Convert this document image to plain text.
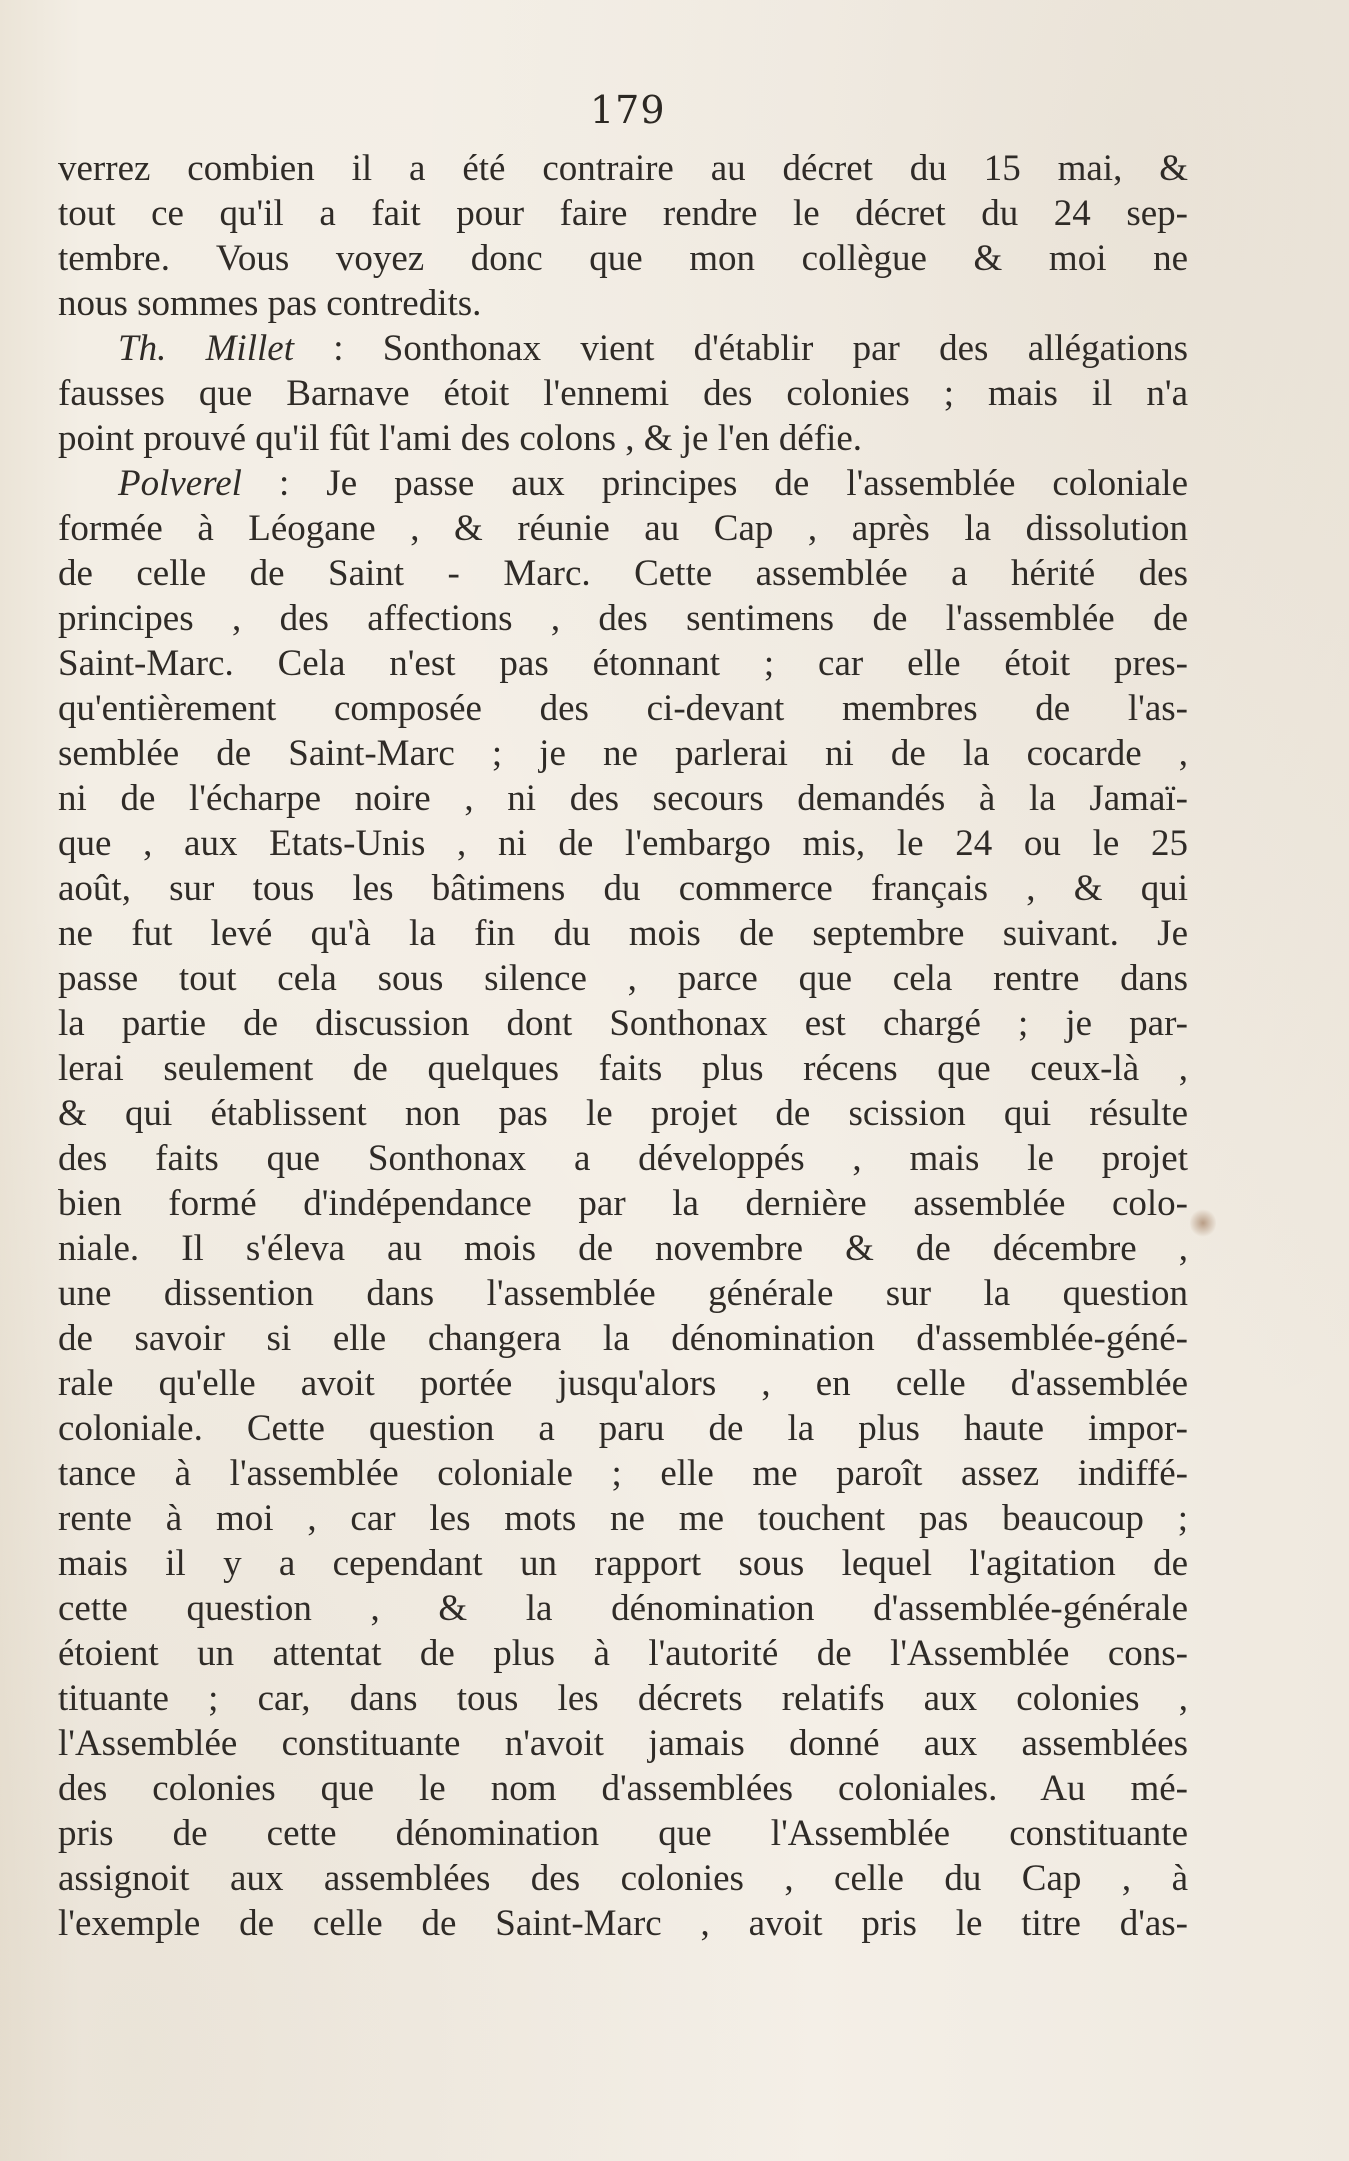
179
verrez combien il a été contraire au décret du 15 mai, &
tout ce qu'il a fait pour faire rendre le décret du 24 sep-
tembre. Vous voyez donc que mon collègue & moi ne
nous sommes pas contredits.
Th. Millet : Sonthonax vient d'établir par des allégations
fausses que Barnave étoit l'ennemi des colonies ; mais il n'a
point prouvé qu'il fût l'ami des colons , & je l'en défie.
Polverel : Je passe aux principes de l'assemblée coloniale
formée à Léogane , & réunie au Cap , après la dissolution
de celle de Saint - Marc. Cette assemblée a hérité des
principes , des affections , des sentimens de l'assemblée de
Saint-Marc. Cela n'est pas étonnant ; car elle étoit pres-
qu'entièrement composée des ci-devant membres de l'as-
semblée de Saint-Marc ; je ne parlerai ni de la cocarde ,
ni de l'écharpe noire , ni des secours demandés à la Jamaï-
que , aux Etats-Unis , ni de l'embargo mis, le 24 ou le 25
août, sur tous les bâtimens du commerce français , & qui
ne fut levé qu'à la fin du mois de septembre suivant. Je
passe tout cela sous silence , parce que cela rentre dans
la partie de discussion dont Sonthonax est chargé ; je par-
lerai seulement de quelques faits plus récens que ceux-là ,
& qui établissent non pas le projet de scission qui résulte
des faits que Sonthonax a développés , mais le projet
bien formé d'indépendance par la dernière assemblée colo-
niale. Il s'éleva au mois de novembre & de décembre ,
une dissention dans l'assemblée générale sur la question
de savoir si elle changera la dénomination d'assemblée-géné-
rale qu'elle avoit portée jusqu'alors , en celle d'assemblée
coloniale. Cette question a paru de la plus haute impor-
tance à l'assemblée coloniale ; elle me paroît assez indiffé-
rente à moi , car les mots ne me touchent pas beaucoup ;
mais il y a cependant un rapport sous lequel l'agitation de
cette question , & la dénomination d'assemblée-générale
étoient un attentat de plus à l'autorité de l'Assemblée cons-
tituante ; car, dans tous les décrets relatifs aux colonies ,
l'Assemblée constituante n'avoit jamais donné aux assemblées
des colonies que le nom d'assemblées coloniales. Au mé-
pris de cette dénomination que l'Assemblée constituante
assignoit aux assemblées des colonies , celle du Cap , à
l'exemple de celle de Saint-Marc , avoit pris le titre d'as-
